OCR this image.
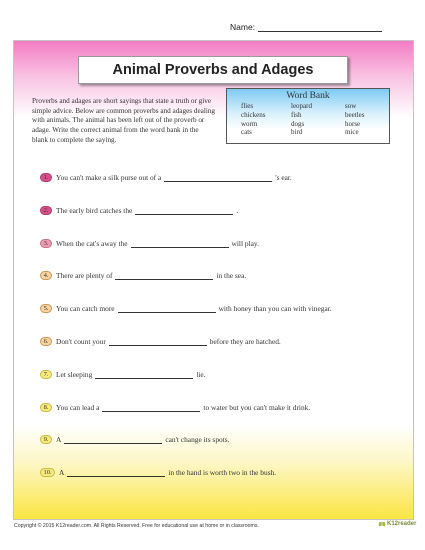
Name:
Animal Proverbs and Adages

Proverbs and adages are short sayings that state a truth or give simple advice. Below are common proverbs and adages dealing with animals. The animal has been left out of the proverb or adage. Write the correct animal from the word bank in the blank to complete the saying.

Word Bank
flies	leopard	sow
chickens	fish	beetles
worm	dogs	horse
cats	bird	mice
1.	You can't make a silk purse out of a	's ear.
2.	The early bird catches the	.
3.	When the cat's away the	will play.
4.	There are plenty of	in the sea.
5.	You can catch more	with honey than you can with vinegar.
6.	Don't count your	before they are hatched.
7.	Let sleeping	lie.
8.	You can lead a	to water but you can't make it drink.
9.	A	can't change its spots.
10.	A	in the hand is worth two in the bush.
Copyright © 2015 K12reader.com. All Rights Reserved. Free for educational use at home or in classrooms.	K12reader
